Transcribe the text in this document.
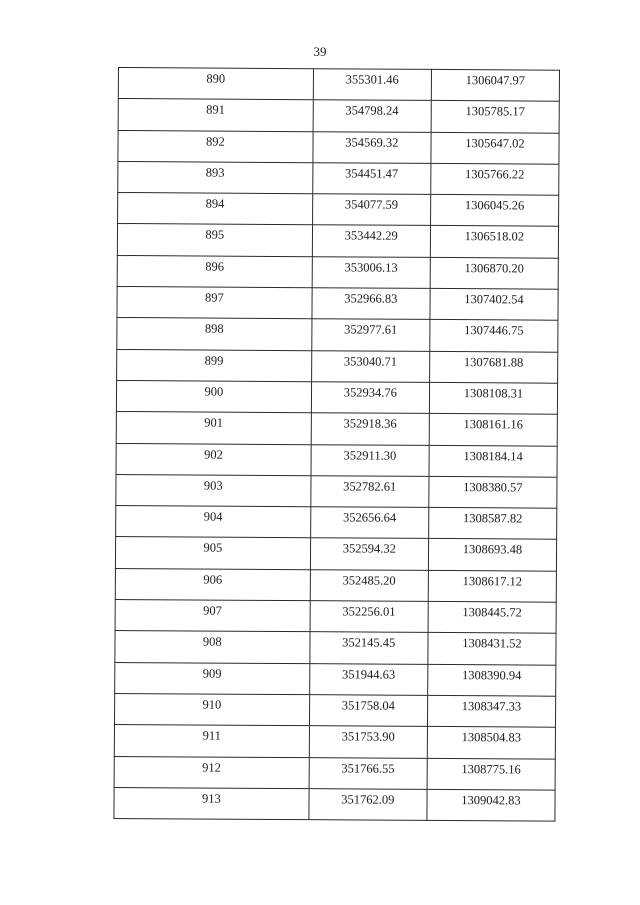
39
890	355301.46	1306047.97

891	354798.24	1305785.17

892	354569.32	1305647.02

893	354451.47	1305766.22

894	354077.59	1306045.26

895	353442.29	1306518.02

896	353006.13	1306870.20

897	352966.83	1307402.54

898	352977.61	1307446.75

899	353040.71	1307681.88

900	352934.76	1308108.31

901	352918.36	1308161.16

902	352911.30	1308184.14

903	352782.61	1308380.57

904	352656.64	1308587.82

905	352594.32	1308693.48

906	352485.20	1308617.12

907	352256.01	1308445.72

908	352145.45	1308431.52

909	351944.63	1308390.94

910	351758.04	1308347.33

911	351753.90	1308504.83

912	351766.55	1308775.16

913	351762.09	1309042.83
